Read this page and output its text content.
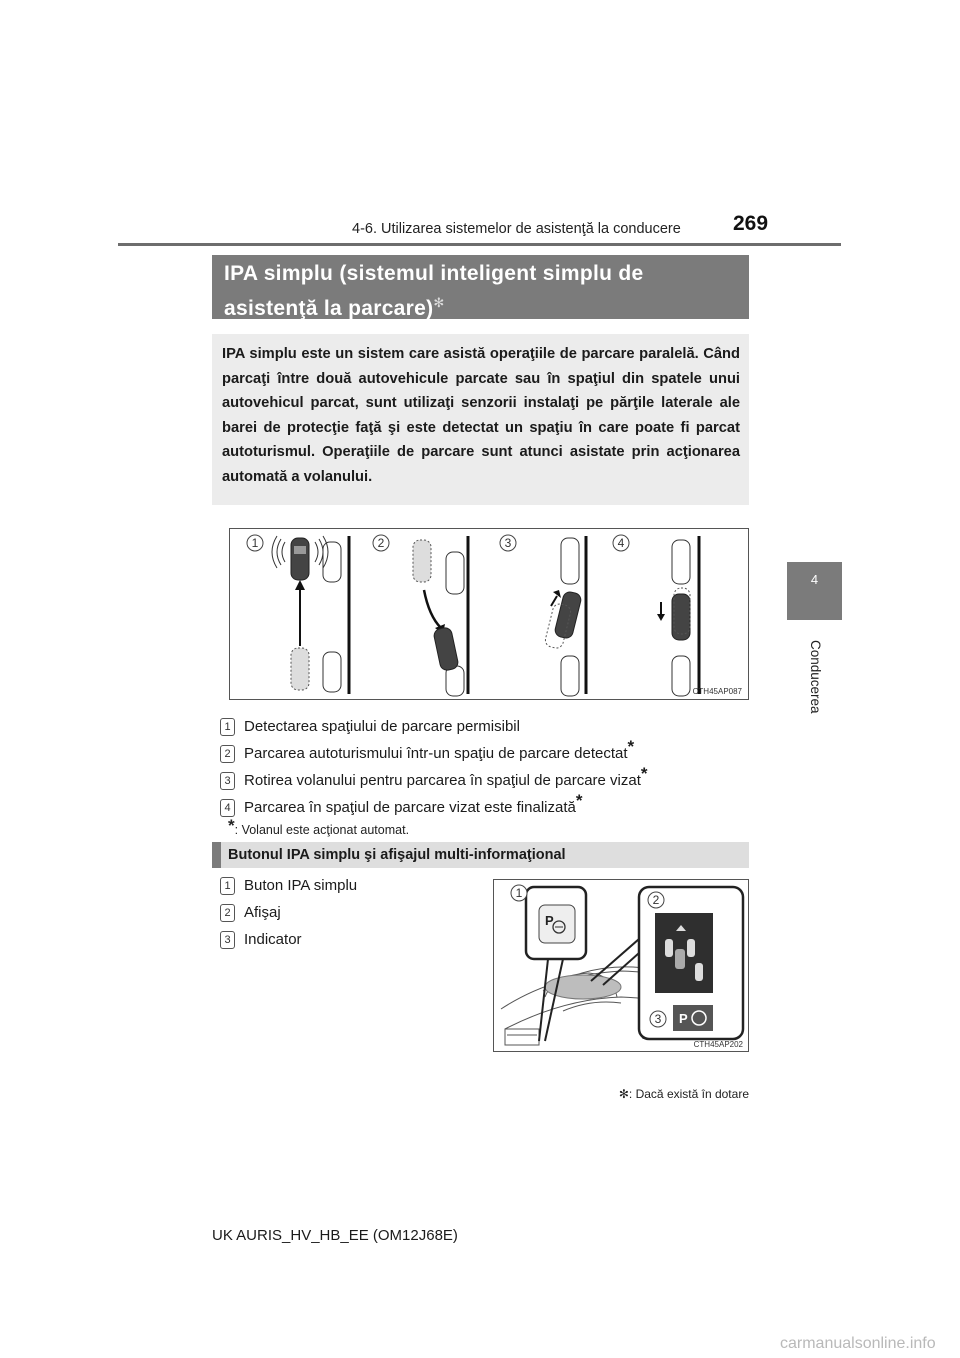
4-6. Utilizarea sistemelor de asistenţă la conducere 269
4
Conducerea
IPA simplu (sistemul inteligent simplu de
asistenţă la parcare)✻
IPA simplu este un sistem care asistă operaţiile de parcare paralelă. Când parcaţi între două autovehicule parcate sau în spaţiul din spatele unui autovehicul parcat, sunt utilizaţi senzorii instalaţi pe părţile laterale ale barei de protecţie faţă şi este detectat un spaţiu în care poate fi parcat autoturismul. Operaţiile de parcare sunt atunci asistate prin acţionarea automată a volanului.
1	2	3	4
CTH45AP087
1 Detectarea spaţiului de parcare permisibil
2 Parcarea autoturismului într-un spaţiu de parcare detectat*
3 Rotirea volanului pentru parcarea în spaţiul de parcare vizat*
4 Parcarea în spaţiul de parcare vizat este finalizată*
*: Volanul este acţionat automat.
Butonul IPA simplu şi afişajul multi-informaţional
1 Buton IPA simplu
2 Afişaj
3 Indicator
P
P
1	2
3
CTH45AP202
✻: Dacă există în dotare
UK AURIS_HV_HB_EE (OM12J68E)
carmanualsonline.info
